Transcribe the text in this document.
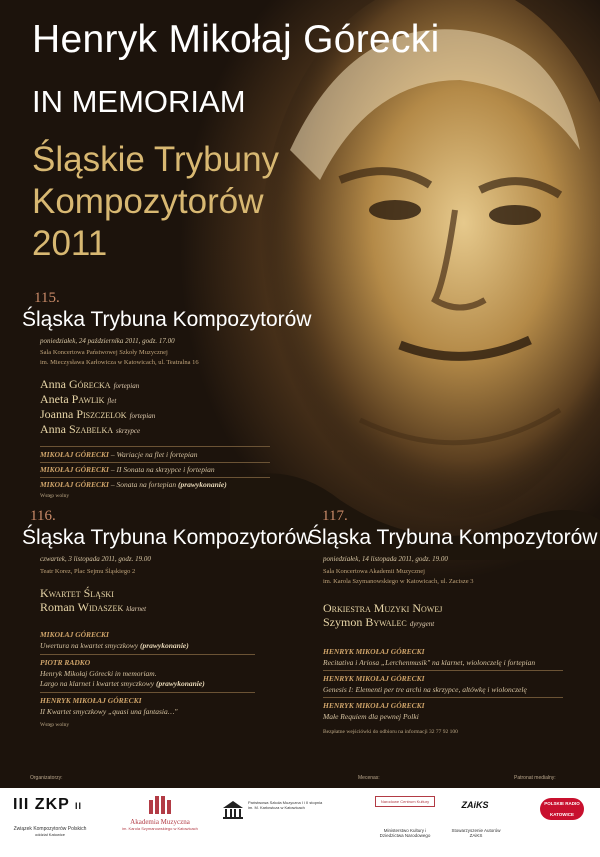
Henryk Mikołaj Górecki
IN MEMORIAM
Śląskie Trybuny
Kompozytorów
2011
115.
Śląska Trybuna Kompozytorów
poniedziałek, 24 października 2011, godz. 17.00
Sala Koncertowa Państwowej Szkoły Muzycznej
im. Mieczysława Karłowicza w Katowicach, ul. Teatralna 16
Anna Górecka fortepian
Aneta Pawlik flet
Joanna Piszczelok fortepian
Anna Szabelka skrzypce
MIKOŁAJ GÓRECKI – Wariacje na flet i fortepian
MIKOŁAJ GÓRECKI – II Sonata na skrzypce i fortepian
MIKOŁAJ GÓRECKI – Sonata na fortepian (prawykonanie)
Wstęp wolny
116.
Śląska Trybuna Kompozytorów
czwartek, 3 listopada 2011, godz. 19.00
Teatr Korez, Plac Sejmu Śląskiego 2
Kwartet Śląski
Roman Widaszek klarnet
MIKOŁAJ GÓRECKI
Uwertura na kwartet smyczkowy (prawykonanie)
PIOTR RADKO
Henryk Mikołaj Górecki in memoriam.
Largo na klarnet i kwartet smyczkowy (prawykonanie)
HENRYK MIKOŁAJ GÓRECKI
II Kwartet smyczkowy „quasi una fantasia…"
Wstęp wolny
117.
Śląska Trybuna Kompozytorów
poniedziałek, 14 listopada 2011, godz. 19.00
Sala Koncertowa Akademii Muzycznej
im. Karola Szymanowskiego w Katowicach, ul. Zacisze 3
Orkiestra Muzyki Nowej
Szymon Bywalec dyrygent
HENRYK MIKOŁAJ GÓRECKI
Recitativa i Ariosa „Lerchenmusik" na klarnet, wiolonczelę i fortepian
HENRYK MIKOŁAJ GÓRECKI
Genesis I: Elementi per tre archi na skrzypce, altówkę i wiolonczelę
HENRYK MIKOŁAJ GÓRECKI
Małe Requiem dla pewnej Polki
Bezpłatne wejściówki do odbioru na informacji 32 77 92 100
Organizatorzy:	Mecenas:	Patronat medialny:
III ZKP II
Związek Kompozytorów Polskich
oddział Katowice
Akademia Muzyczna
im. Karola Szymanowskiego w Katowicach
Państwowa Szkoła Muzyczna I i II stopnia im. M. Karłowicza w Katowicach
Narodowe Centrum Kultury
Ministerstwo Kultury i Dziedzictwa Narodowego
ZAiKS
Stowarzyszenie Autorów ZAiKS
POLSKIE RADIO KATOWICE
